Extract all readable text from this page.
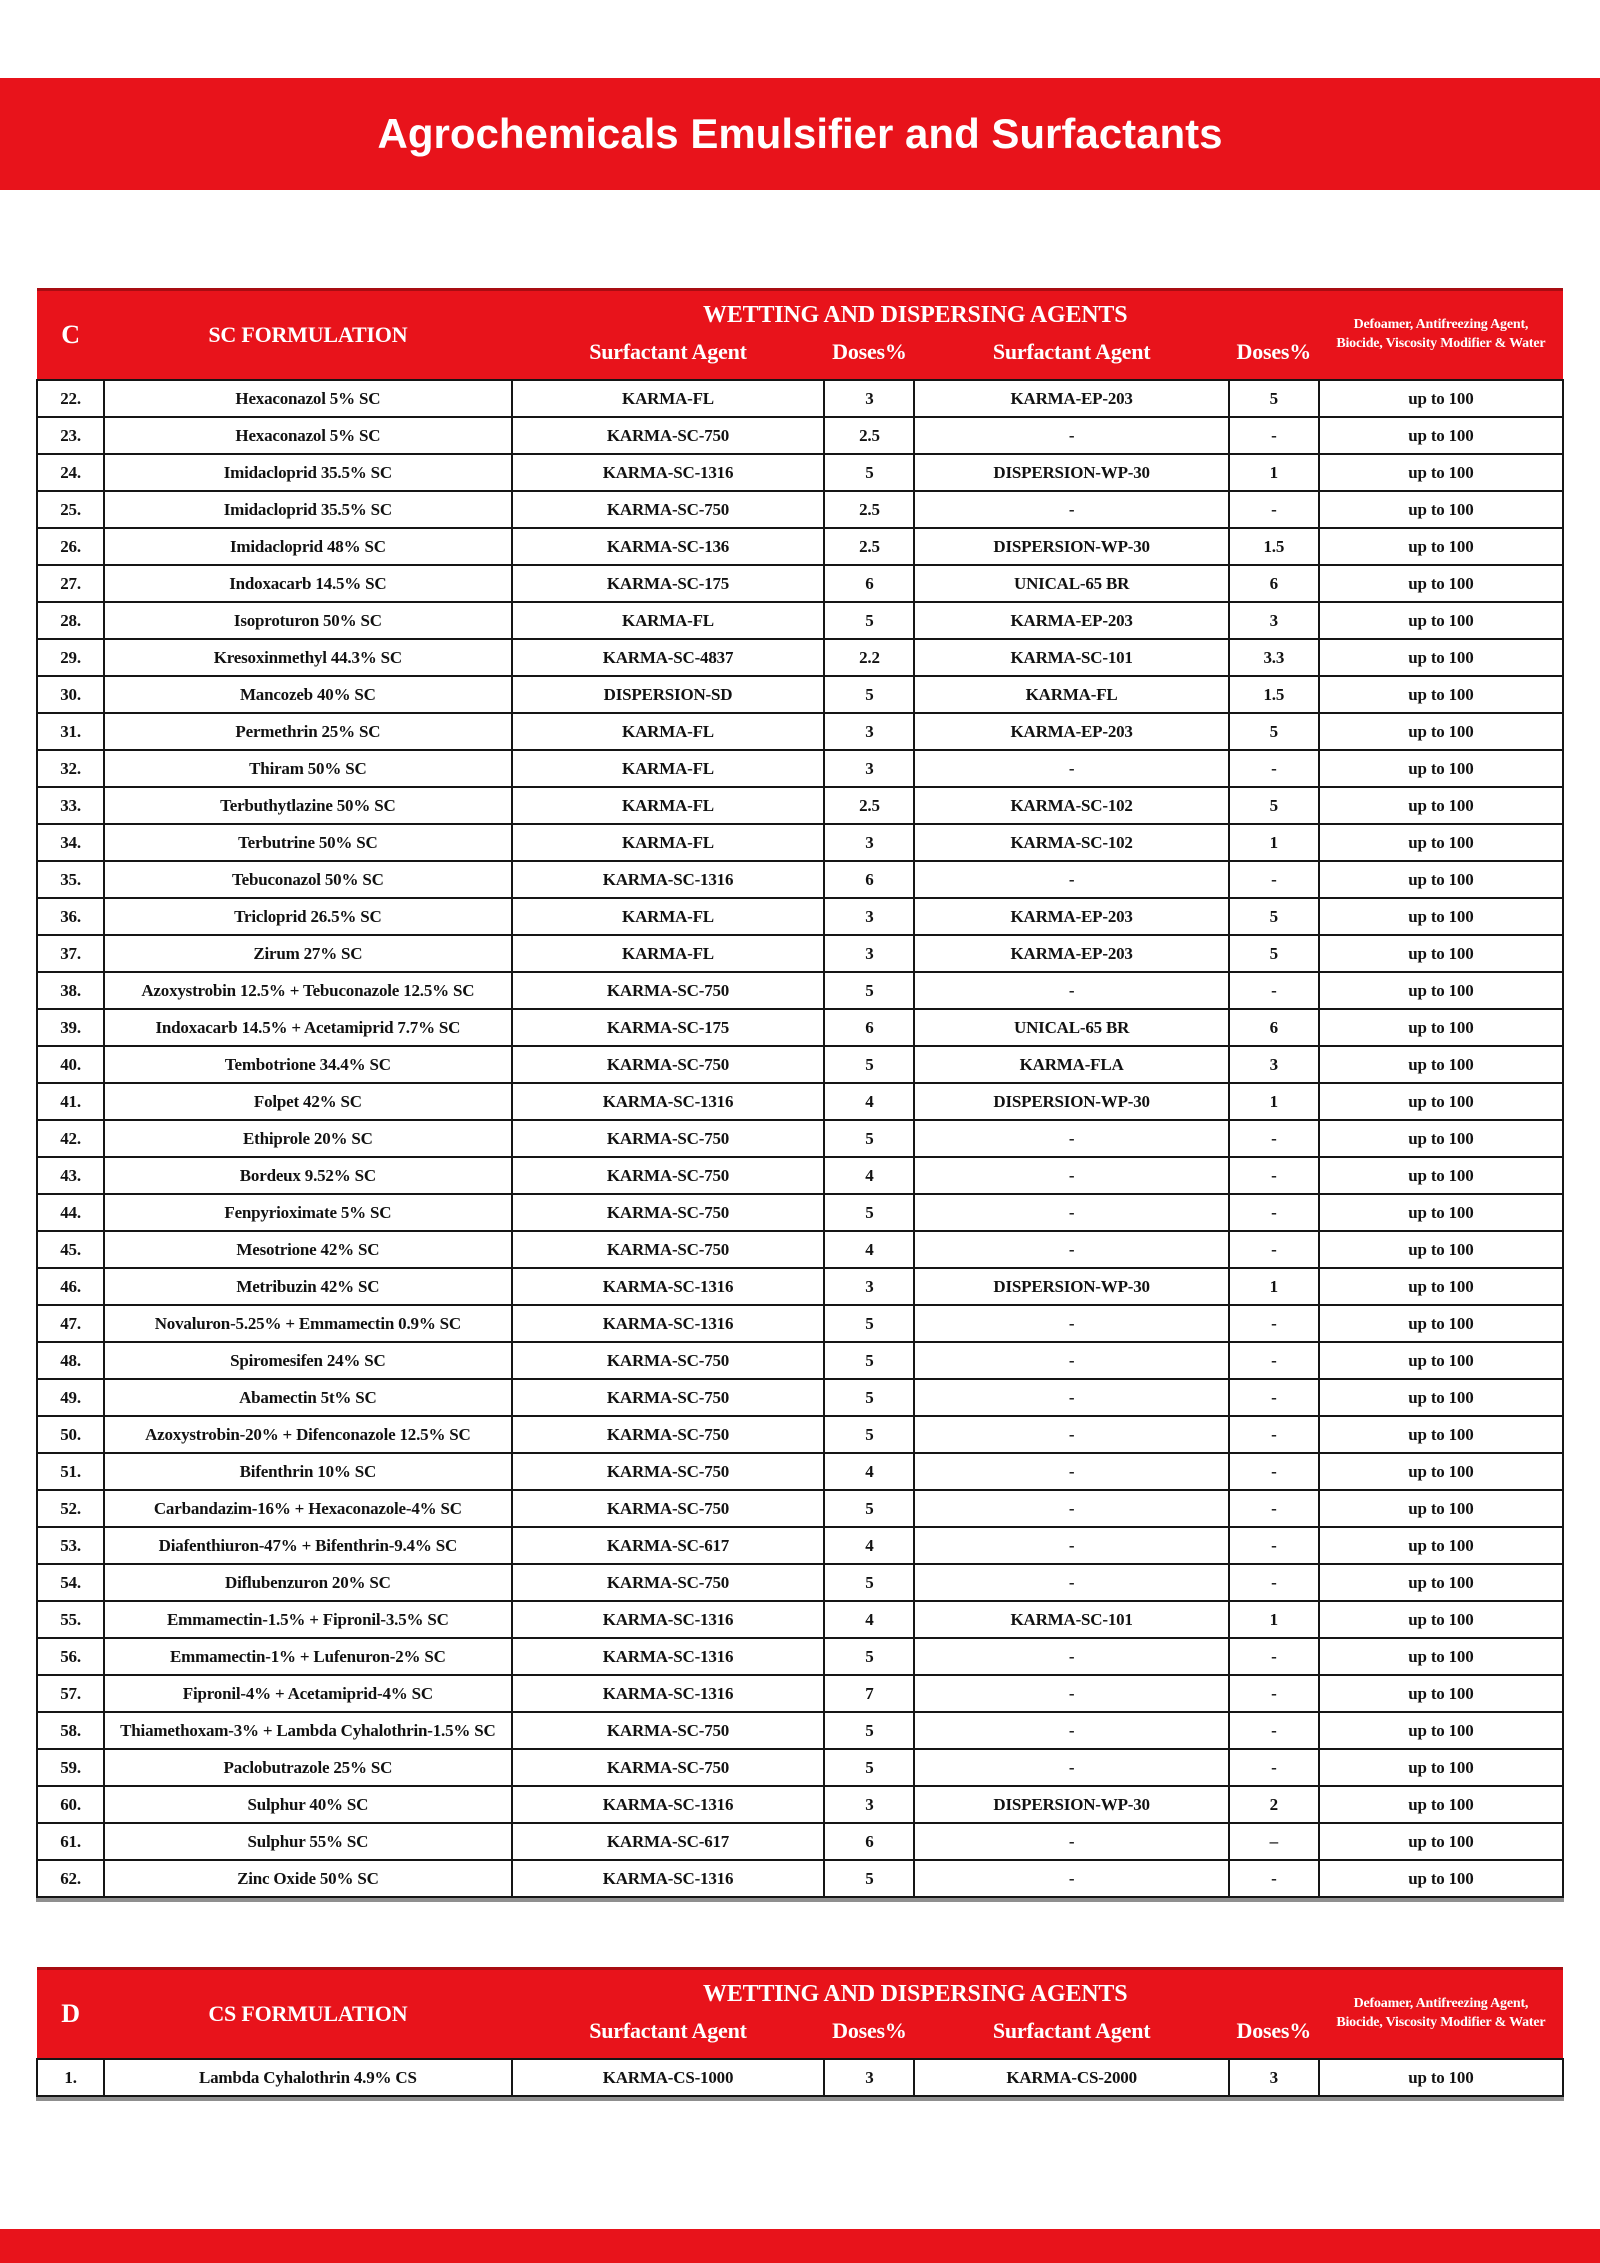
Agrochemicals Emulsifier and Surfactants
C	SC FORMULATION	WETTING AND DISPERSING AGENTS				Defoamer, Antifreezing Agent, Biocide, Viscosity Modifier & Water
		Surfactant Agent	Doses%	Surfactant Agent	Doses%	
22.	Hexaconazol 5% SC	KARMA-FL	3	KARMA-EP-203	5	up to 100
23.	Hexaconazol 5% SC	KARMA-SC-750	2.5	-	-	up to 100
24.	Imidacloprid 35.5% SC	KARMA-SC-1316	5	DISPERSION-WP-30	1	up to 100
25.	Imidacloprid 35.5% SC	KARMA-SC-750	2.5	-	-	up to 100
26.	Imidacloprid 48% SC	KARMA-SC-136	2.5	DISPERSION-WP-30	1.5	up to 100
27.	Indoxacarb 14.5% SC	KARMA-SC-175	6	UNICAL-65 BR	6	up to 100
28.	Isoproturon 50% SC	KARMA-FL	5	KARMA-EP-203	3	up to 100
29.	Kresoxinmethyl 44.3% SC	KARMA-SC-4837	2.2	KARMA-SC-101	3.3	up to 100
30.	Mancozeb 40% SC	DISPERSION-SD	5	KARMA-FL	1.5	up to 100
31.	Permethrin 25% SC	KARMA-FL	3	KARMA-EP-203	5	up to 100
32.	Thiram 50% SC	KARMA-FL	3	-	-	up to 100
33.	Terbuthytlazine 50% SC	KARMA-FL	2.5	KARMA-SC-102	5	up to 100
34.	Terbutrine 50% SC	KARMA-FL	3	KARMA-SC-102	1	up to 100
35.	Tebuconazol 50% SC	KARMA-SC-1316	6	-	-	up to 100
36.	Tricloprid 26.5% SC	KARMA-FL	3	KARMA-EP-203	5	up to 100
37.	Zirum 27% SC	KARMA-FL	3	KARMA-EP-203	5	up to 100
38.	Azoxystrobin 12.5% + Tebuconazole 12.5% SC	KARMA-SC-750	5	-	-	up to 100
39.	Indoxacarb 14.5% + Acetamiprid 7.7% SC	KARMA-SC-175	6	UNICAL-65 BR	6	up to 100
40.	Tembotrione 34.4% SC	KARMA-SC-750	5	KARMA-FLA	3	up to 100
41.	Folpet 42% SC	KARMA-SC-1316	4	DISPERSION-WP-30	1	up to 100
42.	Ethiprole 20% SC	KARMA-SC-750	5	-	-	up to 100
43.	Bordeux 9.52% SC	KARMA-SC-750	4	-	-	up to 100
44.	Fenpyrioximate 5% SC	KARMA-SC-750	5	-	-	up to 100
45.	Mesotrione 42% SC	KARMA-SC-750	4	-	-	up to 100
46.	Metribuzin 42% SC	KARMA-SC-1316	3	DISPERSION-WP-30	1	up to 100
47.	Novaluron-5.25% + Emmamectin 0.9% SC	KARMA-SC-1316	5	-	-	up to 100
48.	Spiromesifen 24% SC	KARMA-SC-750	5	-	-	up to 100
49.	Abamectin 5t% SC	KARMA-SC-750	5	-	-	up to 100
50.	Azoxystrobin-20% + Difenconazole 12.5% SC	KARMA-SC-750	5	-	-	up to 100
51.	Bifenthrin 10% SC	KARMA-SC-750	4	-	-	up to 100
52.	Carbandazim-16% + Hexaconazole-4% SC	KARMA-SC-750	5	-	-	up to 100
53.	Diafenthiuron-47% + Bifenthrin-9.4% SC	KARMA-SC-617	4	-	-	up to 100
54.	Diflubenzuron 20% SC	KARMA-SC-750	5	-	-	up to 100
55.	Emmamectin-1.5% + Fipronil-3.5% SC	KARMA-SC-1316	4	KARMA-SC-101	1	up to 100
56.	Emmamectin-1% + Lufenuron-2% SC	KARMA-SC-1316	5	-	-	up to 100
57.	Fipronil-4% + Acetamiprid-4% SC	KARMA-SC-1316	7	-	-	up to 100
58.	Thiamethoxam-3% + Lambda Cyhalothrin-1.5% SC	KARMA-SC-750	5	-	-	up to 100
59.	Paclobutrazole 25% SC	KARMA-SC-750	5	-	-	up to 100
60.	Sulphur 40% SC	KARMA-SC-1316	3	DISPERSION-WP-30	2	up to 100
61.	Sulphur 55% SC	KARMA-SC-617	6	-	–	up to 100
62.	Zinc Oxide 50% SC	KARMA-SC-1316	5	-	-	up to 100
D	CS FORMULATION	WETTING AND DISPERSING AGENTS				Defoamer, Antifreezing Agent, Biocide, Viscosity Modifier & Water
		Surfactant Agent	Doses%	Surfactant Agent	Doses%	
1.	Lambda Cyhalothrin 4.9% CS	KARMA-CS-1000	3	KARMA-CS-2000	3	up to 100
